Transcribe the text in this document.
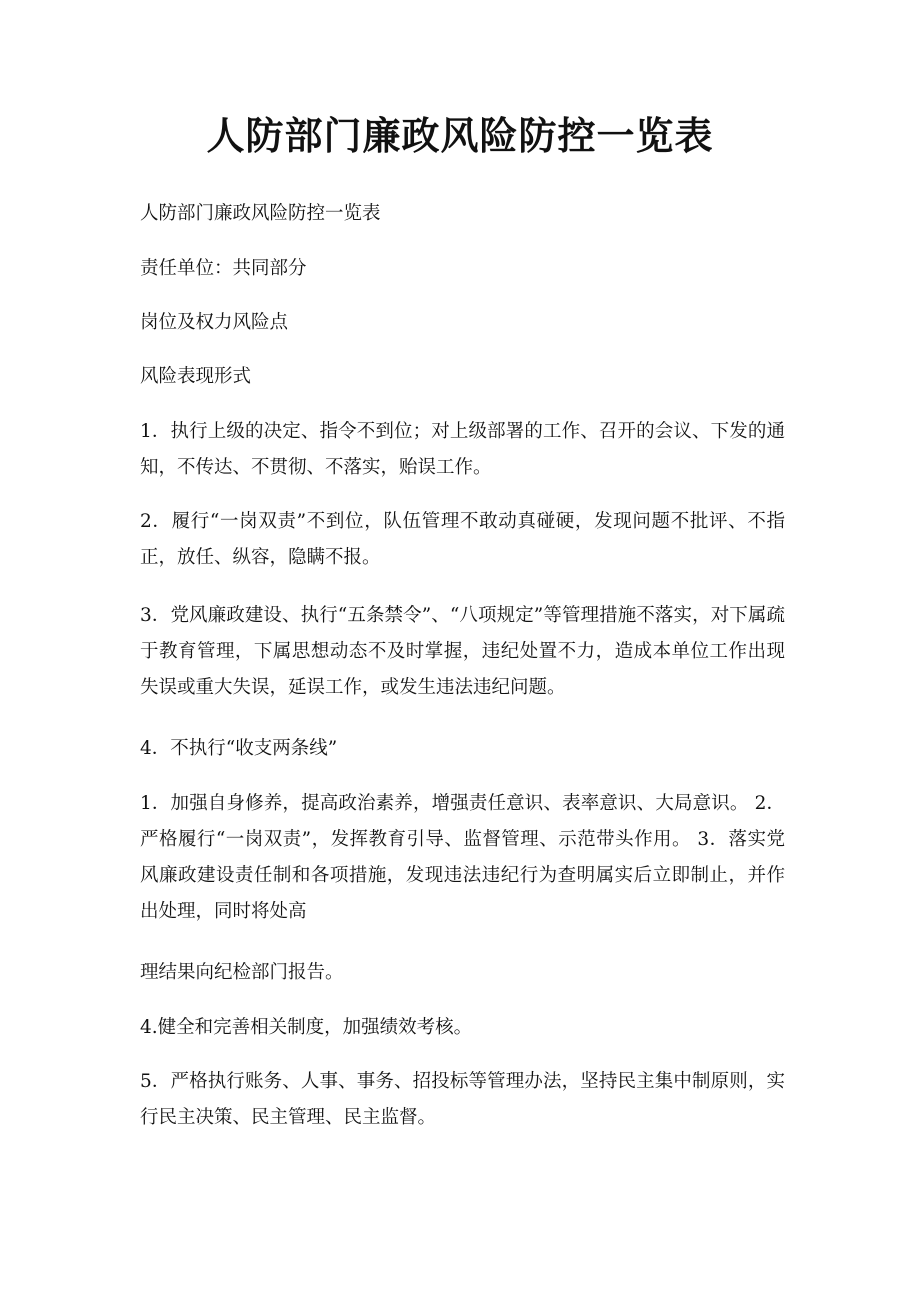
人防部门廉政风险防控一览表

人防部门廉政风险防控一览表

责任单位：共同部分

岗位及权力风险点

风险表现形式

1．执行上级的决定、指令不到位；对上级部署的工作、召开的会议、下发的通知，不传达、不贯彻、不落实，贻误工作。

2．履行“一岗双责”不到位，队伍管理不敢动真碰硬，发现问题不批评、不指正，放任、纵容，隐瞒不报。

3．党风廉政建设、执行“五条禁令”、“八项规定”等管理措施不落实，对下属疏于教育管理，下属思想动态不及时掌握，违纪处置不力，造成本单位工作出现失误或重大失误，延误工作，或发生违法违纪问题。

4．不执行“收支两条线”

1．加强自身修养，提高政治素养，增强责任意识、表率意识、大局意识。 2．严格履行“一岗双责”，发挥教育引导、监督管理、示范带头作用。 3．落实党风廉政建设责任制和各项措施，发现违法违纪行为查明属实后立即制止，并作出处理，同时将处高

理结果向纪检部门报告。

4.健全和完善相关制度，加强绩效考核。

5．严格执行账务、人事、事务、招投标等管理办法，坚持民主集中制原则，实行民主决策、民主管理、民主监督。
